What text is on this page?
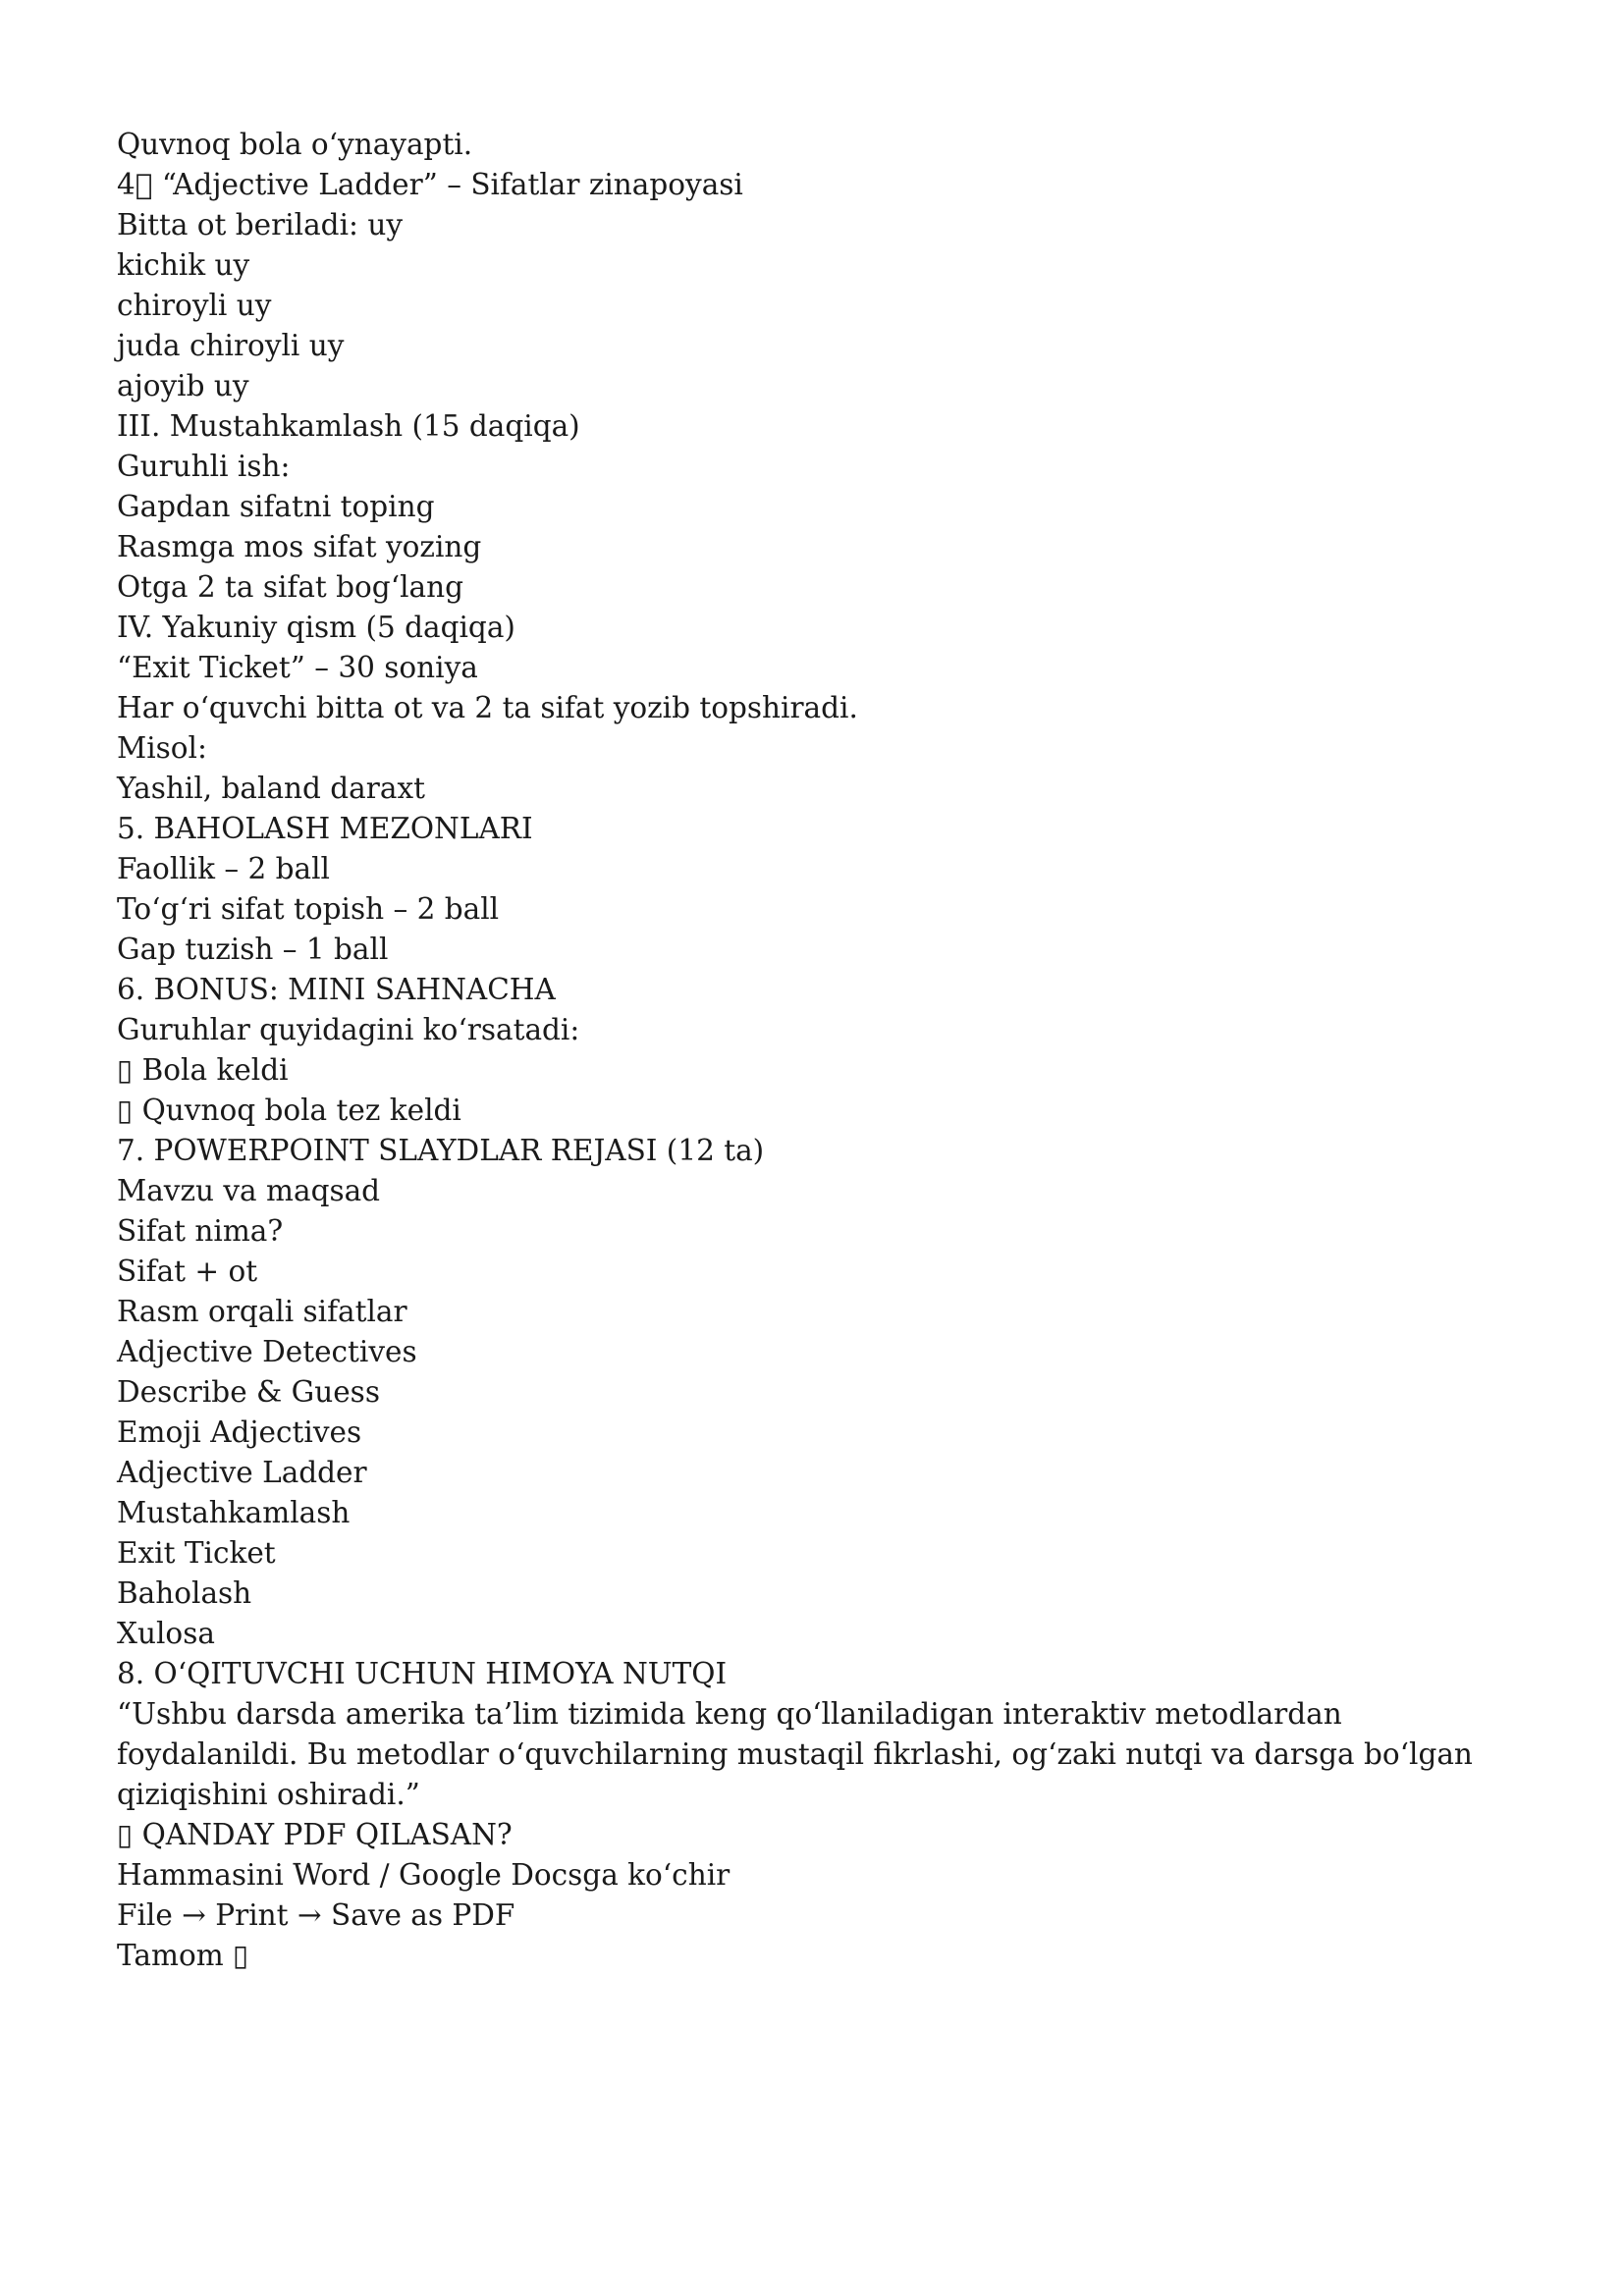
Quvnoq bola oʻynayapti.
4⃣ “Adjective Ladder” – Sifatlar zinapoyasi
Bitta ot beriladi: uy
kichik uy
chiroyli uy
juda chiroyli uy
ajoyib uy
III. Mustahkamlash (15 daqiqa)
Guruhli ish:
Gapdan sifatni toping
Rasmga mos sifat yozing
Otga 2 ta sifat bogʻlang
IV. Yakuniy qism (5 daqiqa)
“Exit Ticket” – 30 soniya
Har oʻquvchi bitta ot va 2 ta sifat yozib topshiradi.
Misol:
Yashil, baland daraxt
5. BAHOLASH MEZONLARI
Faollik – 2 ball
Toʻgʻri sifat topish – 2 ball
Gap tuzish – 1 ball
6. BONUS: MINI SAHNACHA
Guruhlar quyidagini koʻrsatadi:
▯ Bola keldi
▯ Quvnoq bola tez keldi
7. POWERPOINT SLAYDLAR REJASI (12 ta)
Mavzu va maqsad
Sifat nima?
Sifat + ot
Rasm orqali sifatlar
Adjective Detectives
Describe & Guess
Emoji Adjectives
Adjective Ladder
Mustahkamlash
Exit Ticket
Baholash
Xulosa
8. OʻQITUVCHI UCHUN HIMOYA NUTQI
“Ushbu darsda amerika ta’lim tizimida keng qoʻllaniladigan interaktiv metodlardan foydalanildi. Bu metodlar oʻquvchilarning mustaqil fikrlashi, ogʻzaki nutqi va darsga boʻlgan qiziqishini oshiradi.”
▯ QANDAY PDF QILASAN?
Hammasini Word / Google Docsga koʻchir
File → Print → Save as PDF
Tamom ▯
